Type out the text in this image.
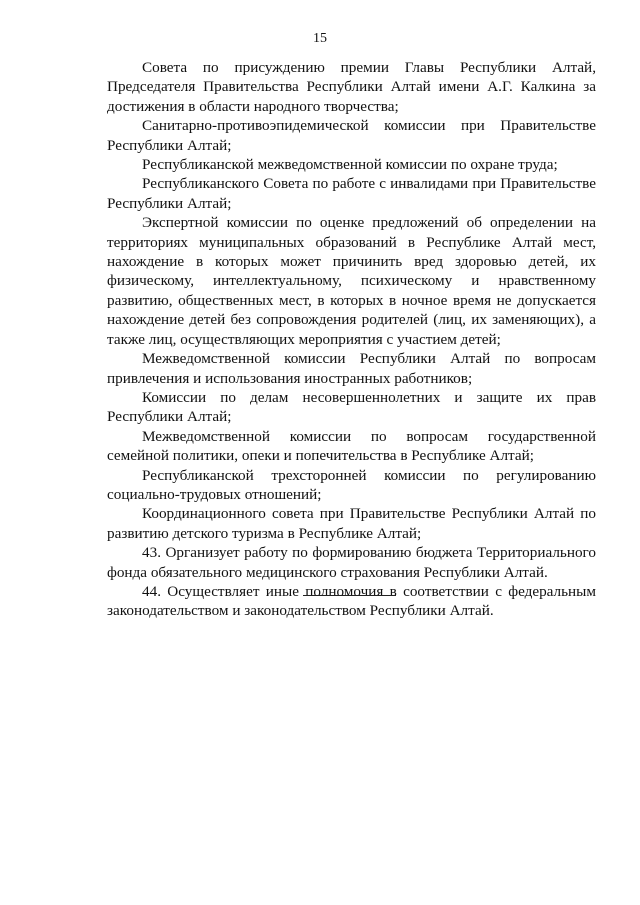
15

Совета по присуждению премии Главы Республики Алтай, Председателя Правительства Республики Алтай имени А.Г. Калкина за достижения в области народного творчества;

Санитарно-противоэпидемической комиссии при Правительстве Республики Алтай;

Республиканской межведомственной комиссии по охране труда;

Республиканского Совета по работе с инвалидами при Правительстве Республики Алтай;

Экспертной комиссии по оценке предложений об определении на территориях муниципальных образований в Республике Алтай мест, нахождение в которых может причинить вред здоровью детей, их физическому, интеллектуальному, психическому и нравственному развитию, общественных мест, в которых в ночное время не допускается нахождение детей без сопровождения родителей (лиц, их заменяющих), а также лиц, осуществляющих мероприятия с участием детей;

Межведомственной комиссии Республики Алтай по вопросам привлечения и использования иностранных работников;

Комиссии по делам несовершеннолетних и защите их прав Республики Алтай;

Межведомственной комиссии по вопросам государственной семейной политики, опеки и попечительства в Республике Алтай;

Республиканской трехсторонней комиссии по регулированию социально-трудовых отношений;

Координационного совета при Правительстве Республики Алтай по развитию детского туризма в Республике Алтай;

43. Организует работу по формированию бюджета Территориального фонда обязательного медицинского страхования Республики Алтай.

44. Осуществляет иные полномочия в соответствии с федеральным законодательством и законодательством Республики Алтай.
